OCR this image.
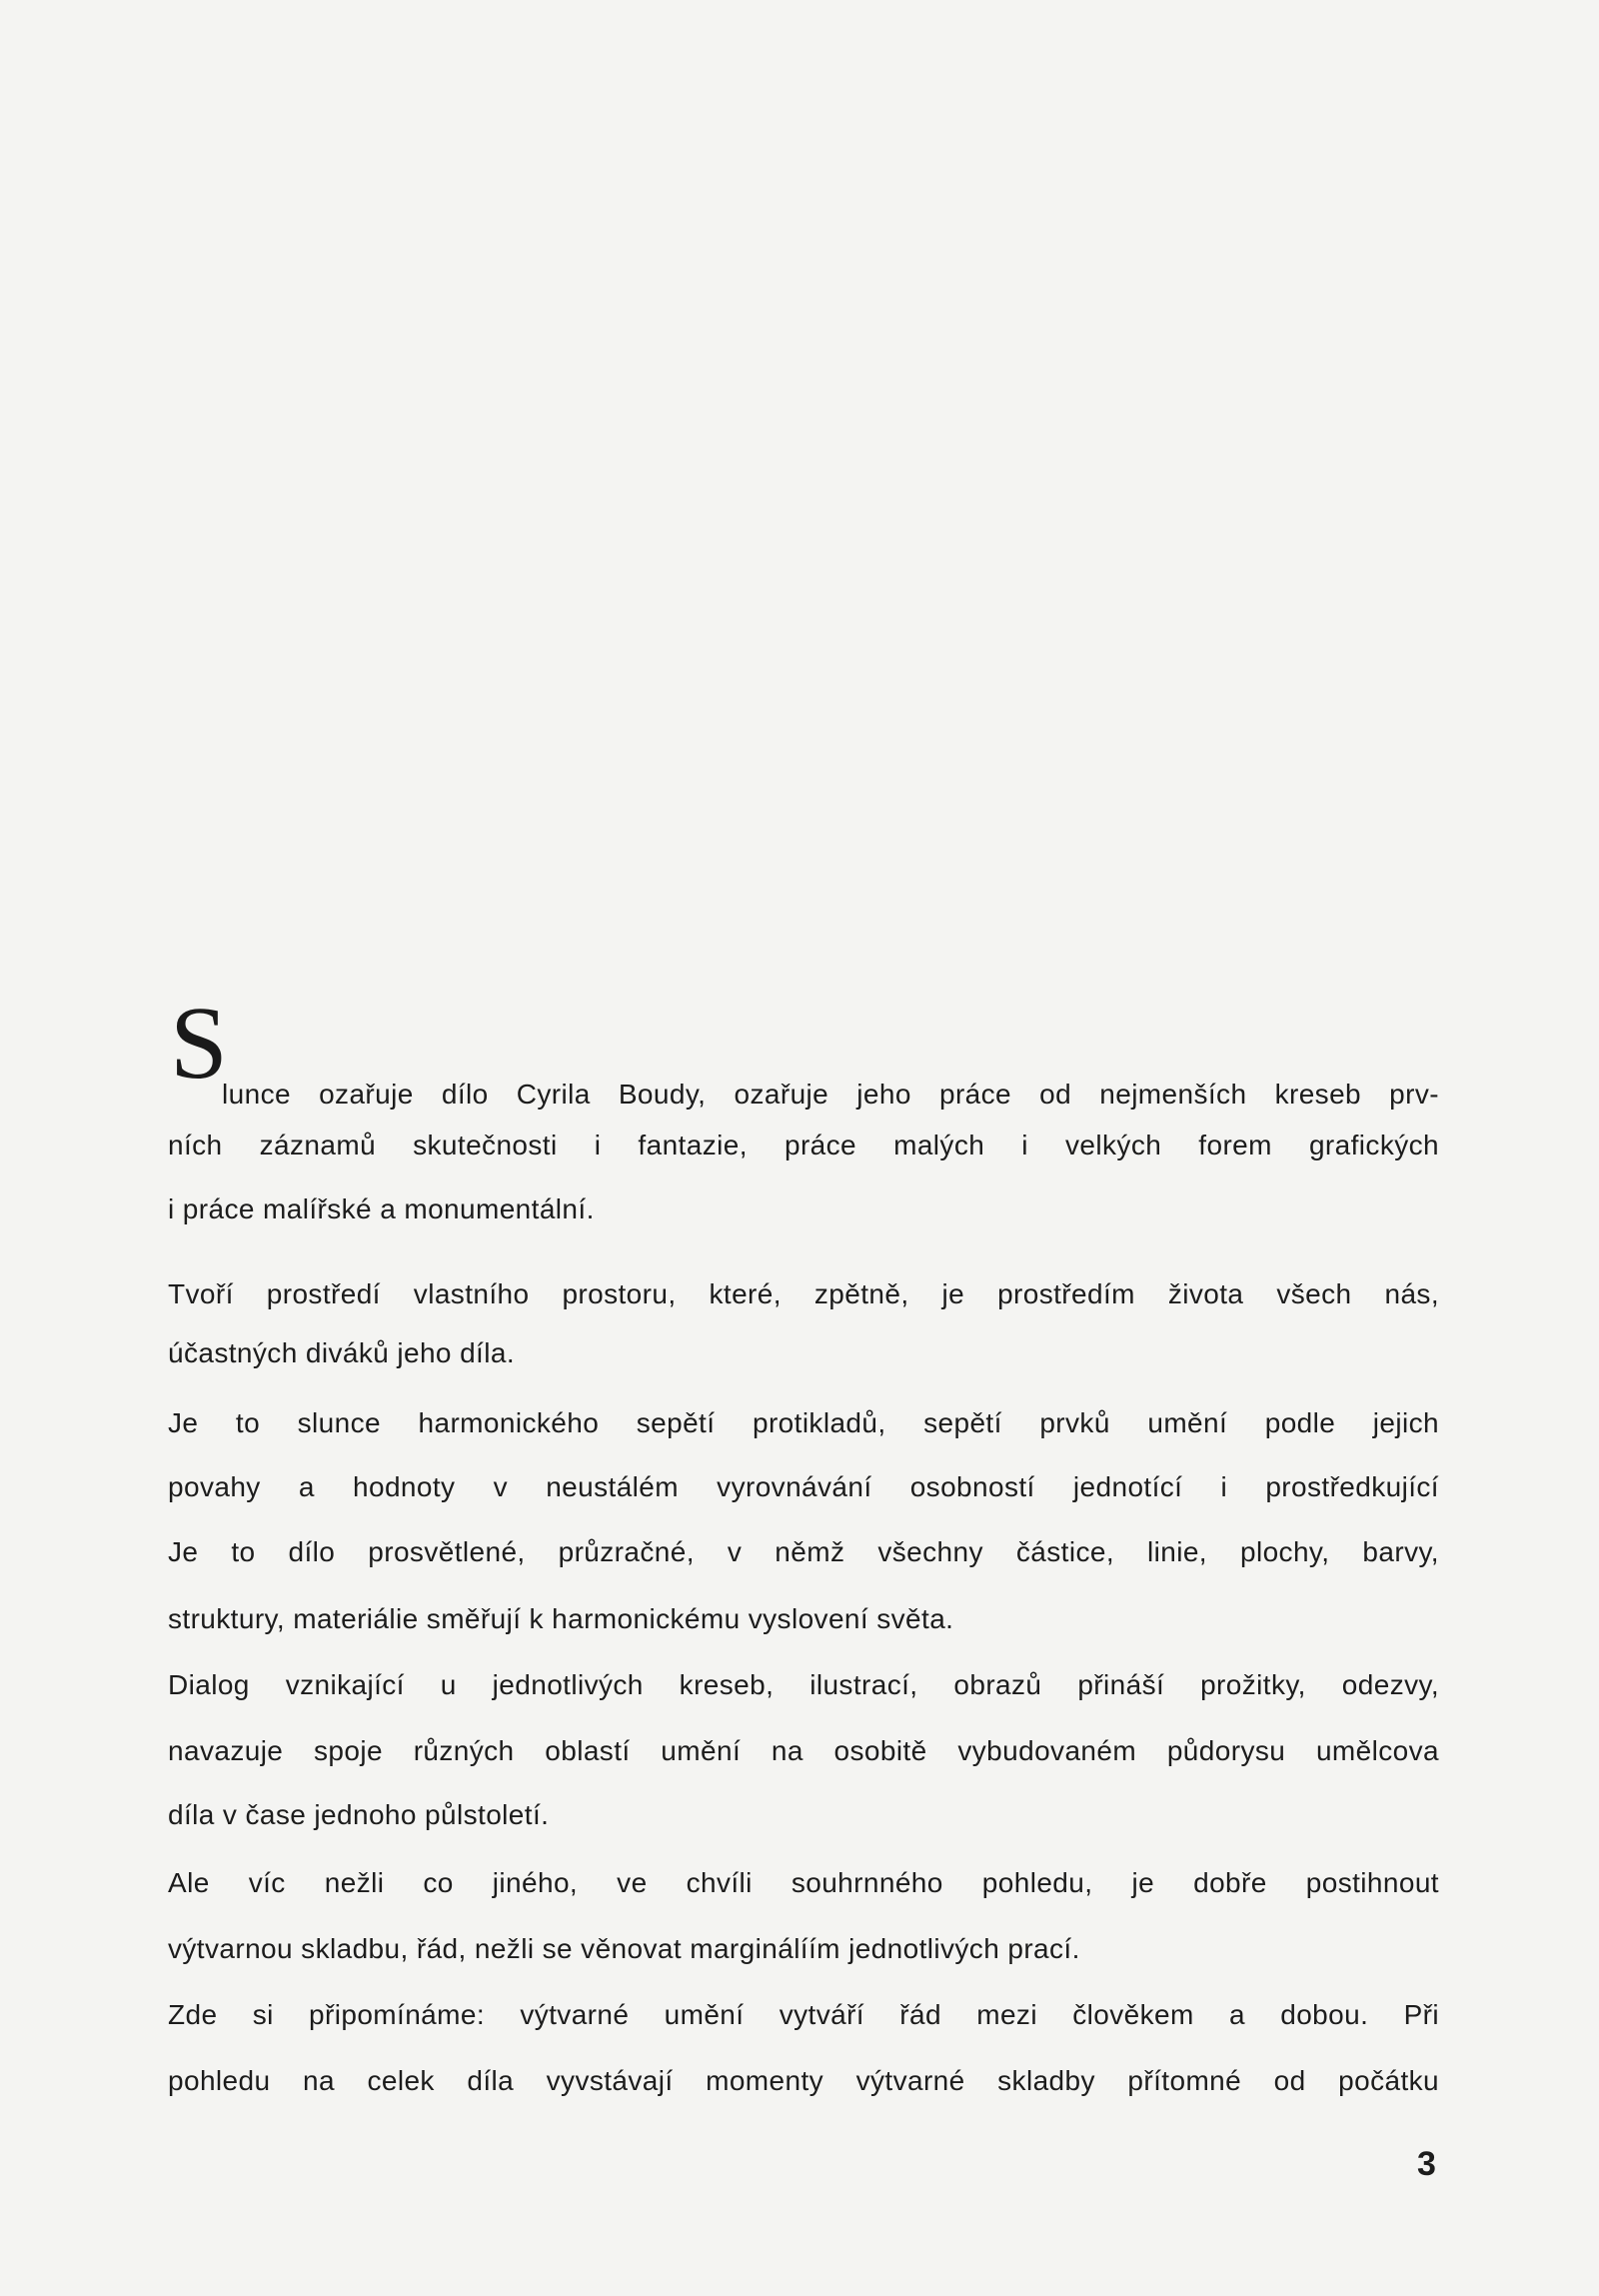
S
lunce ozařuje dílo Cyrila Boudy, ozařuje jeho práce od nejmenších kreseb prv-
ních záznamů skutečnosti i fantazie, práce malých i velkých forem grafických
i práce malířské a monumentální.
Tvoří prostředí vlastního prostoru, které, zpětně, je prostředím života všech nás,
účastných diváků jeho díla.
Je to slunce harmonického sepětí protikladů, sepětí prvků umění podle jejich
povahy a hodnoty v neustálém vyrovnávání osobností jednotící i prostředkující
Je to dílo prosvětlené, průzračné, v němž všechny částice, linie, plochy, barvy,
struktury, materiálie směřují k harmonickému vyslovení světa.
Dialog vznikající u jednotlivých kreseb, ilustrací, obrazů přináší prožitky, odezvy,
navazuje spoje různých oblastí umění na osobitě vybudovaném půdorysu umělcova
díla v čase jednoho půlstoletí.
Ale víc nežli co jiného, ve chvíli souhrnného pohledu, je dobře postihnout
výtvarnou skladbu, řád, nežli se věnovat marginálíím jednotlivých prací.
Zde si připomínáme: výtvarné umění vytváří řád mezi člověkem a dobou. Při
pohledu na celek díla vyvstávají momenty výtvarné skladby přítomné od počátku
3
